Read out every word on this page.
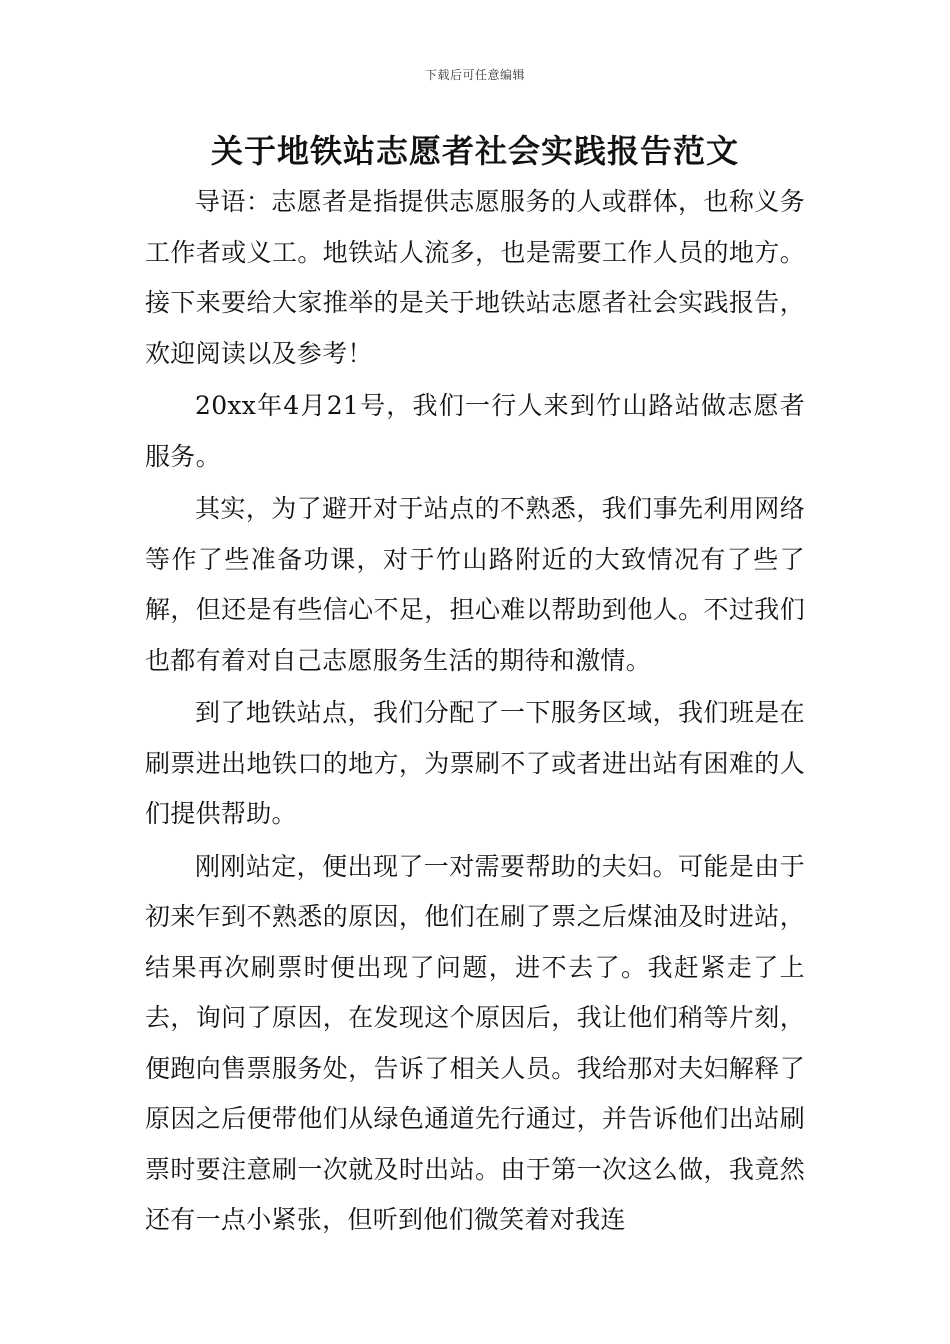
下载后可任意编辑
关于地铁站志愿者社会实践报告范文

导语：志愿者是指提供志愿服务的人或群体，也称义务工作者或义工。地铁站人流多，也是需要工作人员的地方。接下来要给大家推举的是关于地铁站志愿者社会实践报告，欢迎阅读以及参考！

20xx年4月21号，我们一行人来到竹山路站做志愿者服务。

其实，为了避开对于站点的不熟悉，我们事先利用网络等作了些准备功课，对于竹山路附近的大致情况有了些了解，但还是有些信心不足，担心难以帮助到他人。不过我们也都有着对自己志愿服务生活的期待和激情。

到了地铁站点，我们分配了一下服务区域，我们班是在刷票进出地铁口的地方，为票刷不了或者进出站有困难的人们提供帮助。

刚刚站定，便出现了一对需要帮助的夫妇。可能是由于初来乍到不熟悉的原因，他们在刷了票之后煤油及时进站，结果再次刷票时便出现了问题，进不去了。我赶紧走了上去，询问了原因，在发现这个原因后，我让他们稍等片刻，便跑向售票服务处，告诉了相关人员。我给那对夫妇解释了原因之后便带他们从绿色通道先行通过，并告诉他们出站刷票时要注意刷一次就及时出站。由于第一次这么做，我竟然还有一点小紧张，但听到他们微笑着对我连
